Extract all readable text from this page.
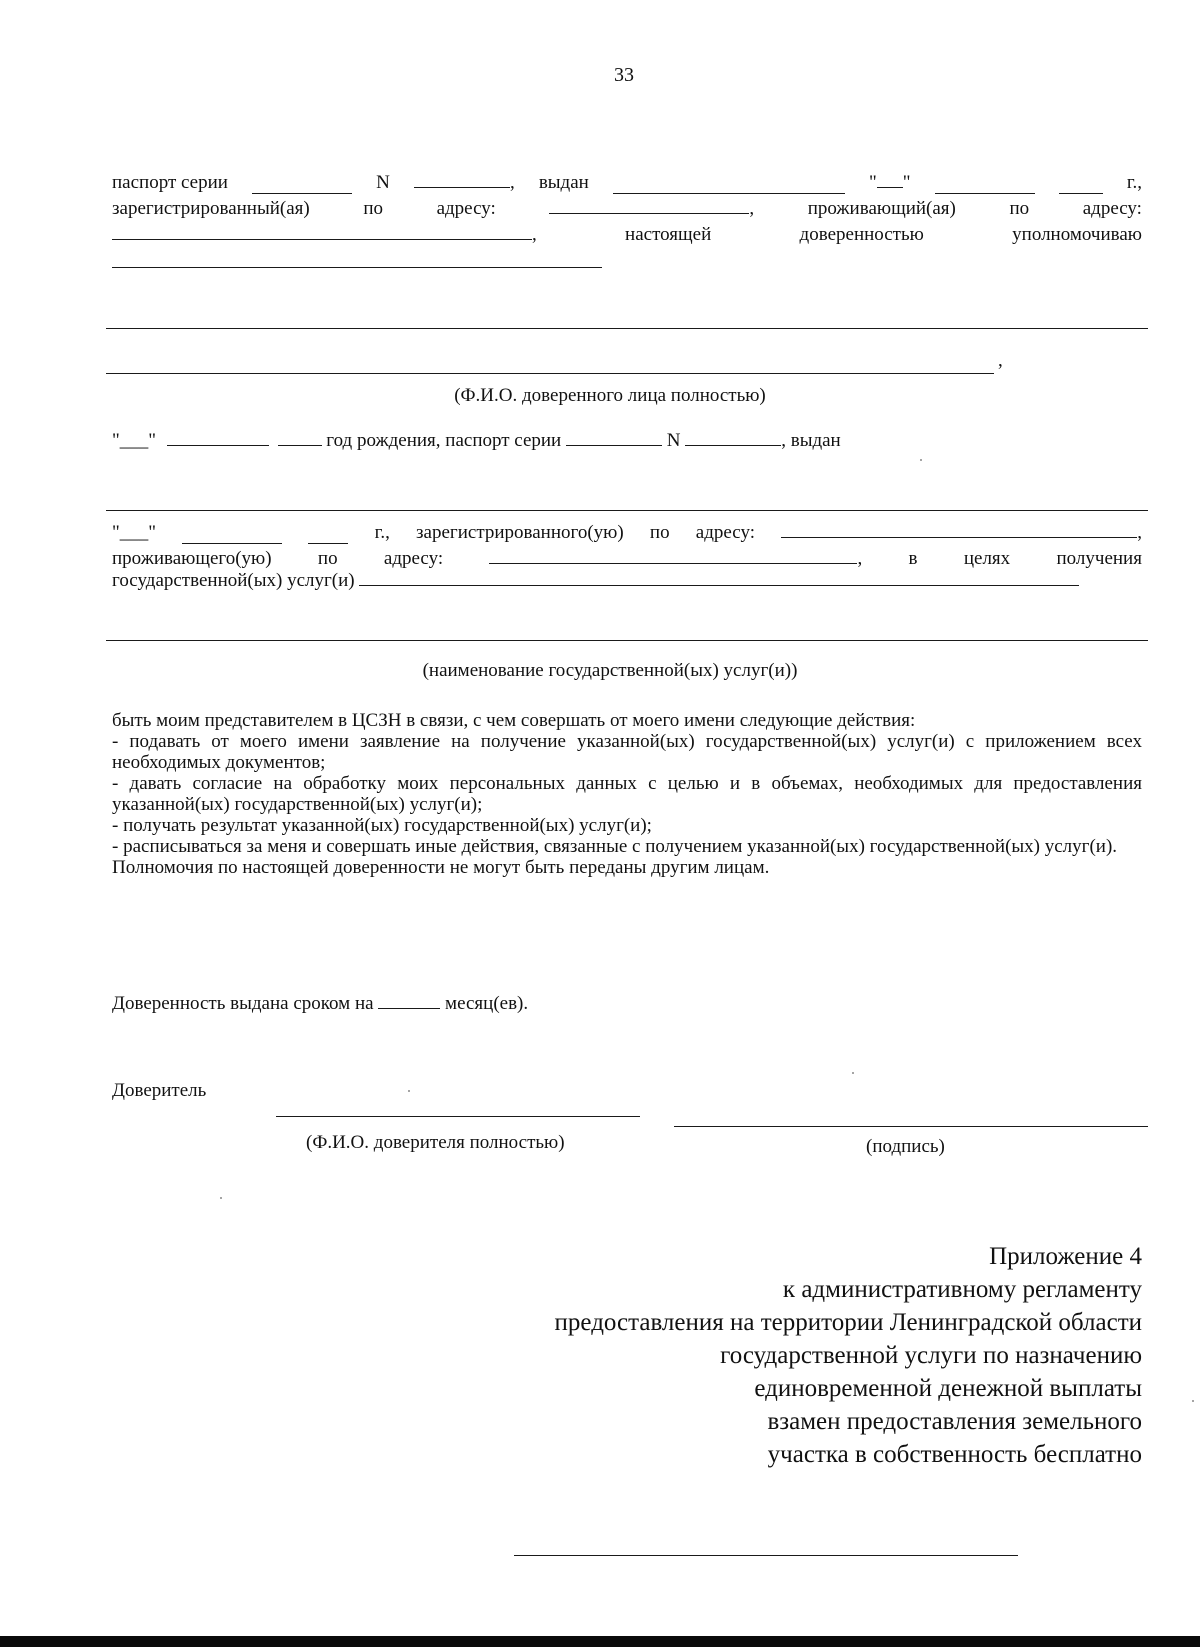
33
паспорт серии	N	, выдан	" "	г.,
зарегистрированный(ая)	по	адресу:	,	проживающий(ая)	по	адресу:
,	настоящей	доверенностью	уполномочиваю
,
(Ф.И.О. доверенного лица полностью)
"___"	год рождения, паспорт серии	N	, выдан
"___"	г., зарегистрированного(ую) по адресу:	,
проживающего(ую) по адресу:	, в целях получения
государственной(ых) услуг(и)
(наименование государственной(ых) услуг(и))

быть моим представителем в ЦСЗН в связи, с чем совершать от моего имени следующие действия:

- подавать от моего имени заявление на получение указанной(ых) государственной(ых) услуг(и) с приложением всех необходимых документов;

- давать согласие на обработку моих персональных данных с целью и в объемах, необходимых для предоставления указанной(ых) государственной(ых) услуг(и);

- получать результат указанной(ых) государственной(ых) услуг(и);

- расписываться за меня и совершать иные действия, связанные с получением указанной(ых) государственной(ых) услуг(и).

Полномочия по настоящей доверенности не могут быть переданы другим лицам.

Доверенность выдана сроком на	месяц(ев).
Доверитель
(Ф.И.О. доверителя полностью)	(подпись)
Приложение 4
к административному регламенту
предоставления на территории Ленинградской области
государственной услуги по назначению
единовременной денежной выплаты
взамен предоставления земельного
участка в собственность бесплатно
